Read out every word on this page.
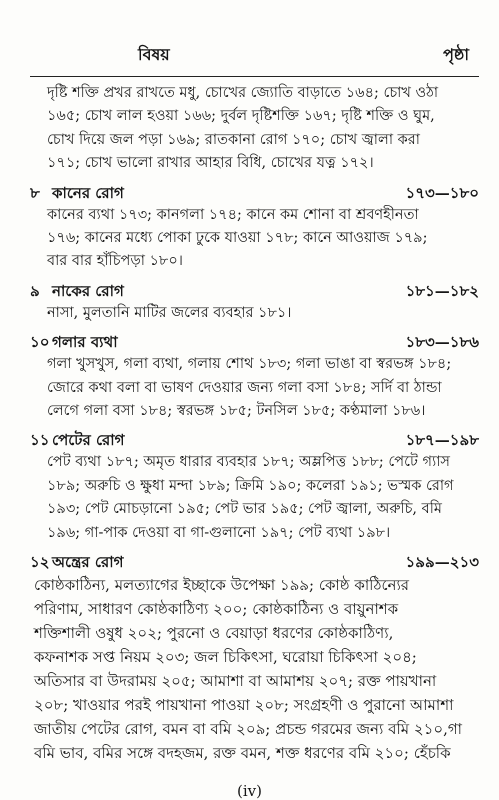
বিষয়	পৃষ্ঠা
দৃষ্টি শক্তি প্রখর রাখতে মধু, চোখের জ্যোতি বাড়াতে ১৬৪; চোখ ওঠা
১৬৫; চোখ লাল হওয়া ১৬৬; দুর্বল দৃষ্টিশক্তি ১৬৭; দৃষ্টি শক্তি ও ঘুম,
চোখ দিয়ে জল পড়া ১৬৯; রাতকানা রোগ ১৭০; চোখ জ্বালা করা
১৭১; চোখ ভালো রাখার আহার বিধি, চোখের যত্ন ১৭২।
৮ কানের রোগ	১৭৩—১৮০
কানের ব্যথা ১৭৩; কানগলা ১৭৪; কানে কম শোনা বা শ্রবণহীনতা
১৭৬; কানের মধ্যে পোকা ঢুকে যাওয়া ১৭৮; কানে আওয়াজ ১৭৯;
বার বার হাঁচিপড়া ১৮০।
৯ নাকের রোগ	১৮১—১৮২
নাসা, মুলতানি মাটির জলের ব্যবহার ১৮১।
১০ গলার ব্যথা	১৮৩—১৮৬
গলা খুসখুস, গলা ব্যথা, গলায় শোথ ১৮৩; গলা ভাঙা বা স্বরভঙ্গ ১৮৪;
জোরে কথা বলা বা ভাষণ দেওয়ার জন্য গলা বসা ১৮৪; সর্দি বা ঠান্ডা
লেগে গলা বসা ১৮৪; স্বরভঙ্গ ১৮৫; টনসিল ১৮৫; কণ্ঠমালা ১৮৬।
১১ পেটের রোগ	১৮৭—১৯৮
পেট ব্যথা ১৮৭; অমৃত ধারার ব্যবহার ১৮৭; অম্লপিত্ত ১৮৮; পেটে গ্যাস
১৮৯; অরুচি ও ক্ষুধা মন্দা ১৮৯; ক্রিমি ১৯০; কলেরা ১৯১; ভস্মক রোগ
১৯৩; পেট মোচড়ানো ১৯৫; পেট ভার ১৯৫; পেট জ্বালা, অরুচি, বমি
১৯৬; গা-পাক দেওয়া বা গা-গুলানো ১৯৭; পেট ব্যথা ১৯৮।
১২ অন্ত্রের রোগ	১৯৯—২১৩
কোষ্ঠকাঠিন্য, মলত্যাগের ইচ্ছাকে উপেক্ষা ১৯৯; কোষ্ঠ কাঠিন্যের
পরিণাম, সাধারণ কোষ্ঠকাঠিণ্য ২০০; কোষ্ঠকাঠিন্য ও বায়ুনাশক
শক্তিশালী ওষুধ ২০২; পুরনো ও বেয়াড়া ধরণের কোষ্ঠকাঠিণ্য,
কফনাশক সপ্ত নিয়ম ২০৩; জল চিকিৎসা, ঘরোয়া চিকিৎসা ২০৪;
অতিসার বা উদরাময় ২০৫; আমাশা বা আমাশয় ২০৭; রক্ত পায়খানা
২০৮; খাওয়ার পরই পায়খানা পাওয়া ২০৮; সংগ্রহণী ও পুরানো আমাশা
জাতীয় পেটের রোগ, বমন বা বমি ২০৯; প্রচন্ড গরমের জন্য বমি ২১০,গা
বমি ভাব, বমির সঙ্গে বদহজম, রক্ত বমন, শক্ত ধরণের বমি ২১০; হেঁচকি
(iv)
